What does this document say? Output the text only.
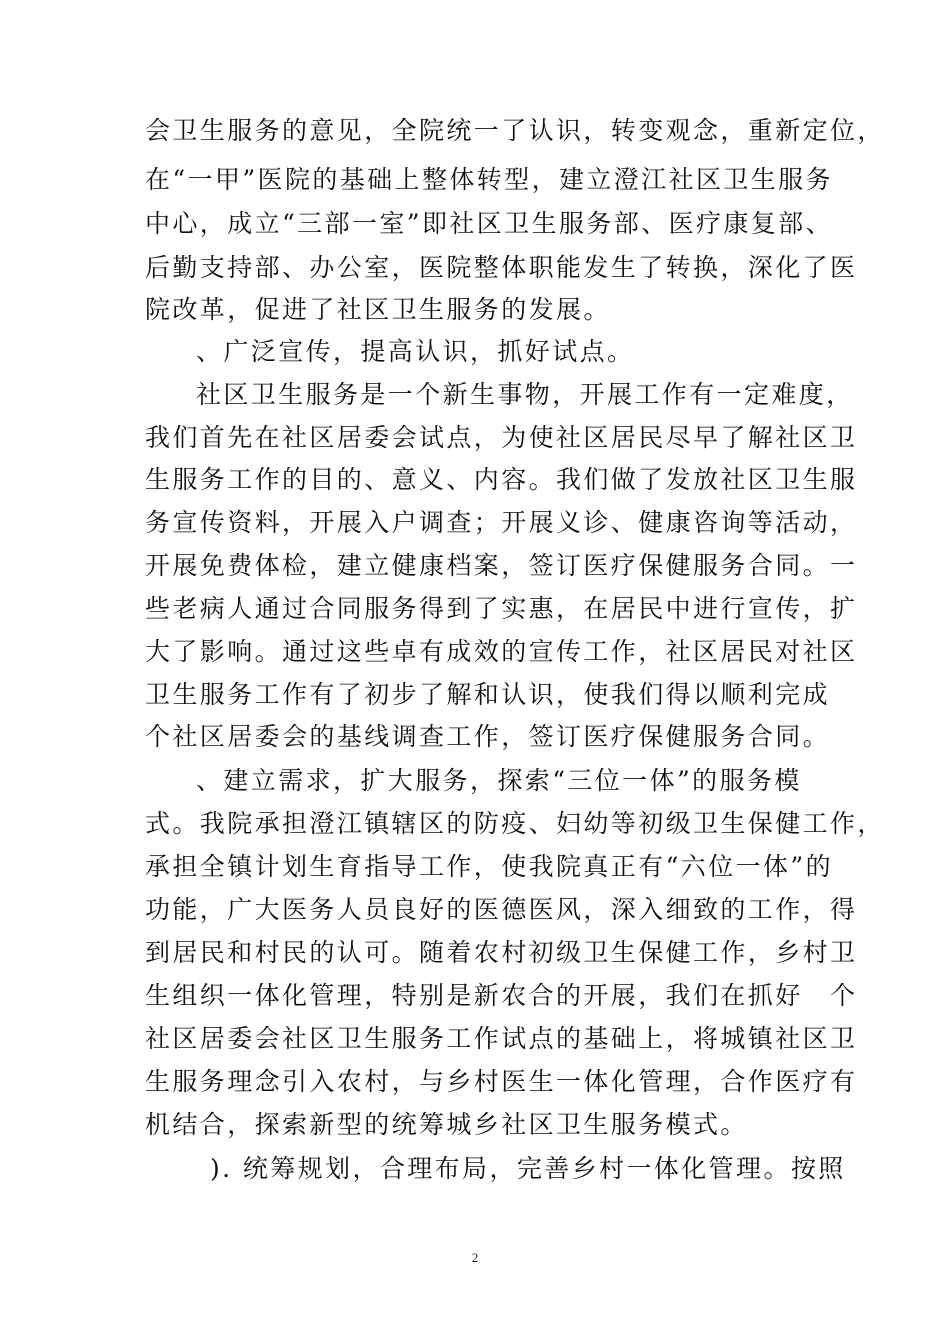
会卫生服务的意见，全院统一了认识，转变观念，重新定位，
在“一甲”医院的基础上整体转型，建立澄江社区卫生服务
中心，成立“三部一室”即社区卫生服务部、医疗康复部、
后勤支持部、办公室，医院整体职能发生了转换，深化了医
院改革，促进了社区卫生服务的发展。
、广泛宣传，提高认识，抓好试点。
社区卫生服务是一个新生事物，开展工作有一定难度，
我们首先在社区居委会试点，为使社区居民尽早了解社区卫
生服务工作的目的、意义、内容。我们做了发放社区卫生服
务宣传资料，开展入户调查；开展义诊、健康咨询等活动，
开展免费体检，建立健康档案，签订医疗保健服务合同。一
些老病人通过合同服务得到了实惠，在居民中进行宣传，扩
大了影响。通过这些卓有成效的宣传工作，社区居民对社区
卫生服务工作有了初步了解和认识，使我们得以顺利完成
个社区居委会的基线调查工作，签订医疗保健服务合同。
、建立需求，扩大服务，探索“三位一体”的服务模
式。我院承担澄江镇辖区的防疫、妇幼等初级卫生保健工作，
承担全镇计划生育指导工作，使我院真正有“六位一体”的
功能，广大医务人员良好的医德医风，深入细致的工作，得
到居民和村民的认可。随着农村初级卫生保健工作，乡村卫
生组织一体化管理，特别是新农合的开展，我们在抓好　个
社区居委会社区卫生服务工作试点的基础上，将城镇社区卫
生服务理念引入农村，与乡村医生一体化管理，合作医疗有
机结合，探索新型的统筹城乡社区卫生服务模式。
). 统筹规划，合理布局，完善乡村一体化管理。按照
2
